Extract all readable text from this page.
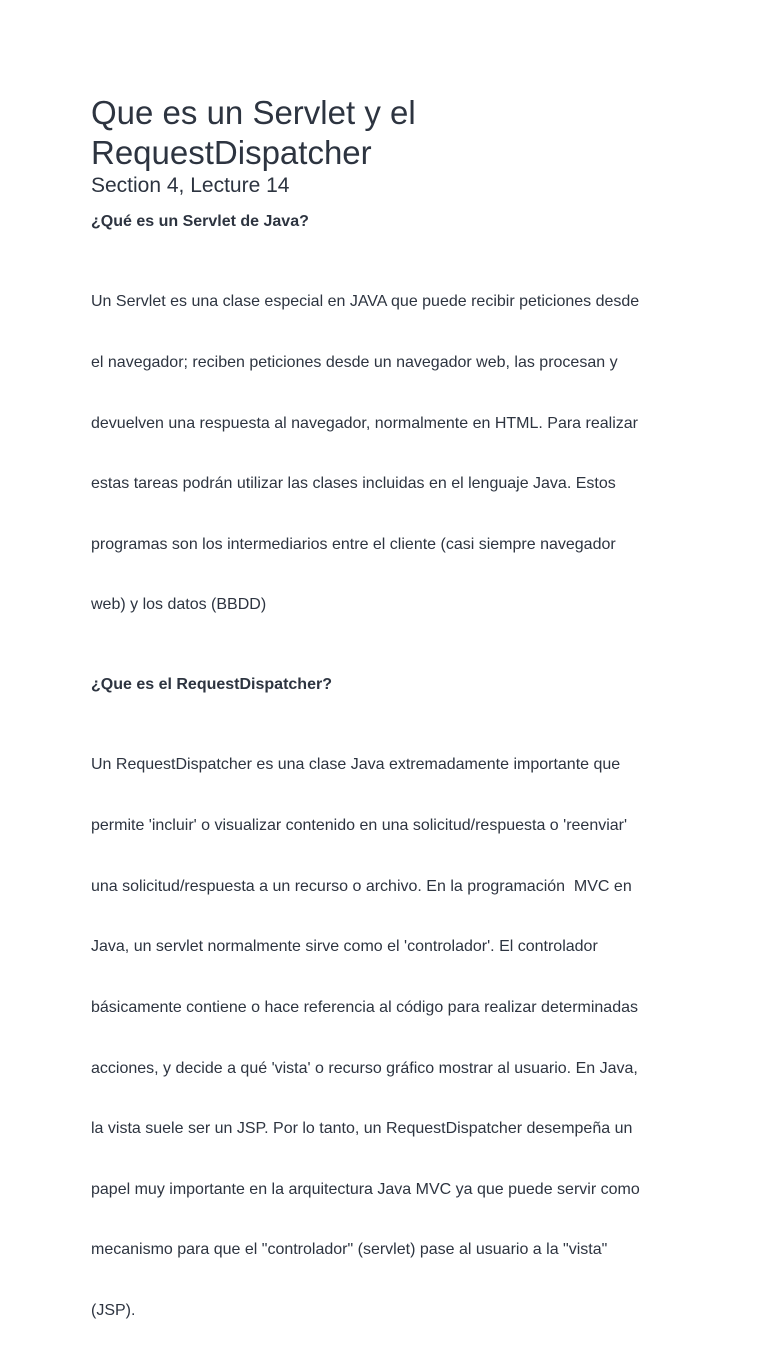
Que es un Servlet y el
RequestDispatcher
Section 4, Lecture 14
¿Qué es un Servlet de Java?

Un Servlet es una clase especial en JAVA que puede recibir peticiones desde

el navegador; reciben peticiones desde un navegador web, las procesan y

devuelven una respuesta al navegador, normalmente en HTML. Para realizar

estas tareas podrán utilizar las clases incluidas en el lenguaje Java. Estos

programas son los intermediarios entre el cliente (casi siempre navegador

web) y los datos (BBDD)

¿Que es el RequestDispatcher?

Un RequestDispatcher es una clase Java extremadamente importante que

permite 'incluir' o visualizar contenido en una solicitud/respuesta o 'reenviar'

una solicitud/respuesta a un recurso o archivo. En la programación  MVC en

Java, un servlet normalmente sirve como el 'controlador'. El controlador

básicamente contiene o hace referencia al código para realizar determinadas

acciones, y decide a qué 'vista' o recurso gráfico mostrar al usuario. En Java,

la vista suele ser un JSP. Por lo tanto, un RequestDispatcher desempeña un

papel muy importante en la arquitectura Java MVC ya que puede servir como

mecanismo para que el "controlador" (servlet) pase al usuario a la "vista"

(JSP).
